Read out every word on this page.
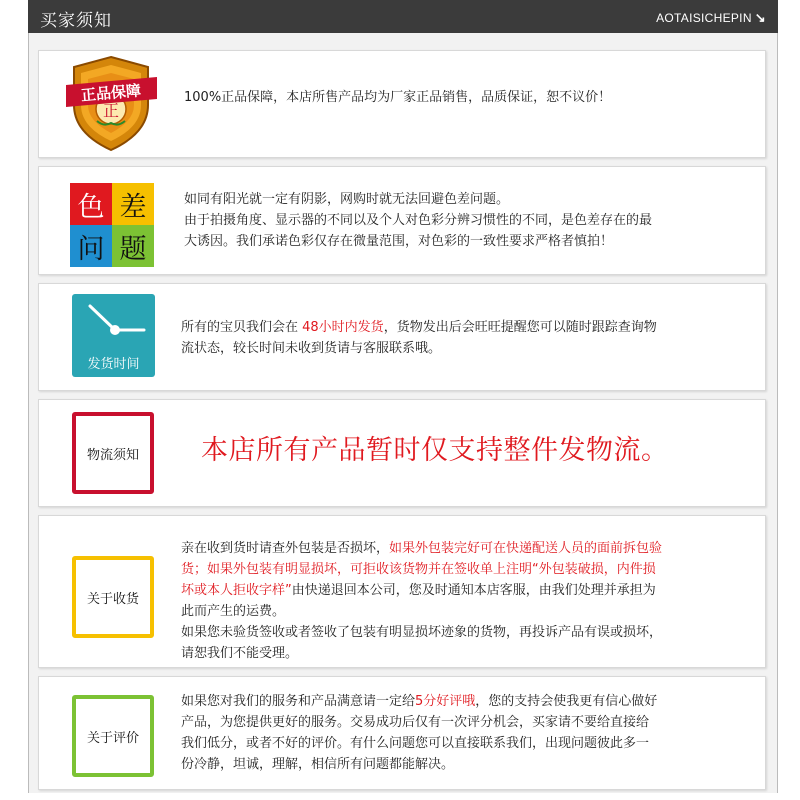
买家须知	AOTAISICHEPIN ↘
正
正品保障	100%正品保障，本店所售产品均为厂家正品销售，品质保证，恕不议价！
色 差
问 题
如同有阳光就一定有阴影，网购时就无法回避色差问题。
由于拍摄角度、显示器的不同以及个人对色彩分辨习惯性的不同，是色差存在的最
大诱因。我们承诺色彩仅存在微量范围，对色彩的一致性要求严格者慎拍！
发货时间
所有的宝贝我们会在 48小时内发货，货物发出后会旺旺提醒您可以随时跟踪查询物
流状态，较长时间未收到货请与客服联系哦。
物流须知 本店所有产品暂时仅支持整件发物流。
关于收货
亲在收到货时请查外包装是否损坏，如果外包装完好可在快递配送人员的面前拆包验
货；如果外包装有明显损坏，可拒收该货物并在签收单上注明“外包装破损，内件损
坏或本人拒收字样”由快递退回本公司，您及时通知本店客服，由我们处理并承担为
此而产生的运费。
如果您未验货签收或者签收了包装有明显损坏迹象的货物，再投诉产品有误或损坏，
请恕我们不能受理。
关于评价
如果您对我们的服务和产品满意请一定给5分好评哦，您的支持会使我更有信心做好
产品，为您提供更好的服务。交易成功后仅有一次评分机会，买家请不要给直接给
我们低分，或者不好的评价。有什么问题您可以直接联系我们，出现问题彼此多一
份冷静，坦诚，理解，相信所有问题都能解决。
